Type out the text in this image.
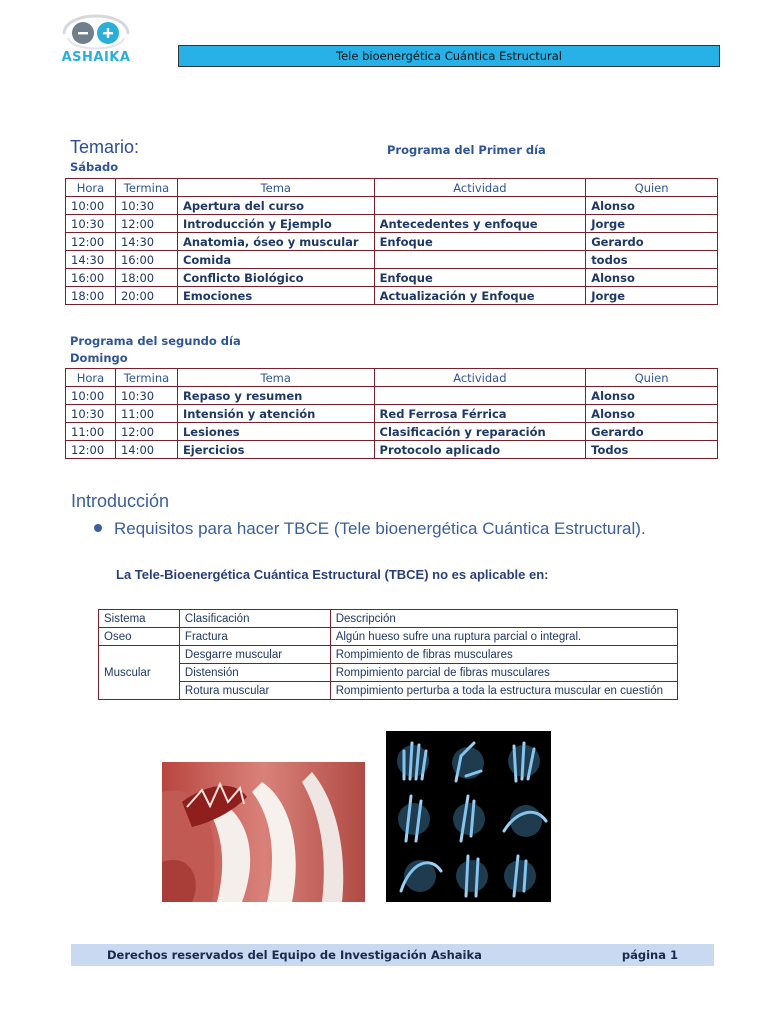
ASHAIKA	Tele bioenergética Cuántica Estructural
Temario:	Programa del Primer día
Sábado
Hora	Termina	Tema	Actividad	Quien
10:00	10:30	Apertura del curso		Alonso
10:30	12:00	Introducción y Ejemplo	Antecedentes y enfoque	Jorge
12:00	14:30	Anatomia, óseo y muscular	Enfoque	Gerardo
14:30	16:00	Comida		todos
16:00	18:00	Conflicto Biológico	Enfoque	Alonso
18:00	20:00	Emociones	Actualización y Enfoque	Jorge
Programa del segundo día
Domingo
Hora	Termina	Tema	Actividad	Quien
10:00	10:30	Repaso y resumen		Alonso
10:30	11:00	Intensión y atención	Red Ferrosa Férrica	Alonso
11:00	12:00	Lesiones	Clasificación y reparación	Gerardo
12:00	14:00	Ejercicios	Protocolo aplicado	Todos
Introducción
Requisitos para hacer TBCE (Tele bioenergética Cuántica Estructural).
La Tele-Bioenergética Cuántica Estructural (TBCE) no es aplicable en:
Sistema	Clasificación	Descripción
Oseo	Fractura	Algún hueso sufre una ruptura parcial o integral.
Muscular	Desgarre muscular	Rompimiento de fibras musculares
	Distensión	Rompimiento parcial de fibras musculares
	Rotura muscular	Rompimiento perturba a toda la estructura muscular en cuestión
Derechos reservados del Equipo de Investigación Ashaika	página 1
